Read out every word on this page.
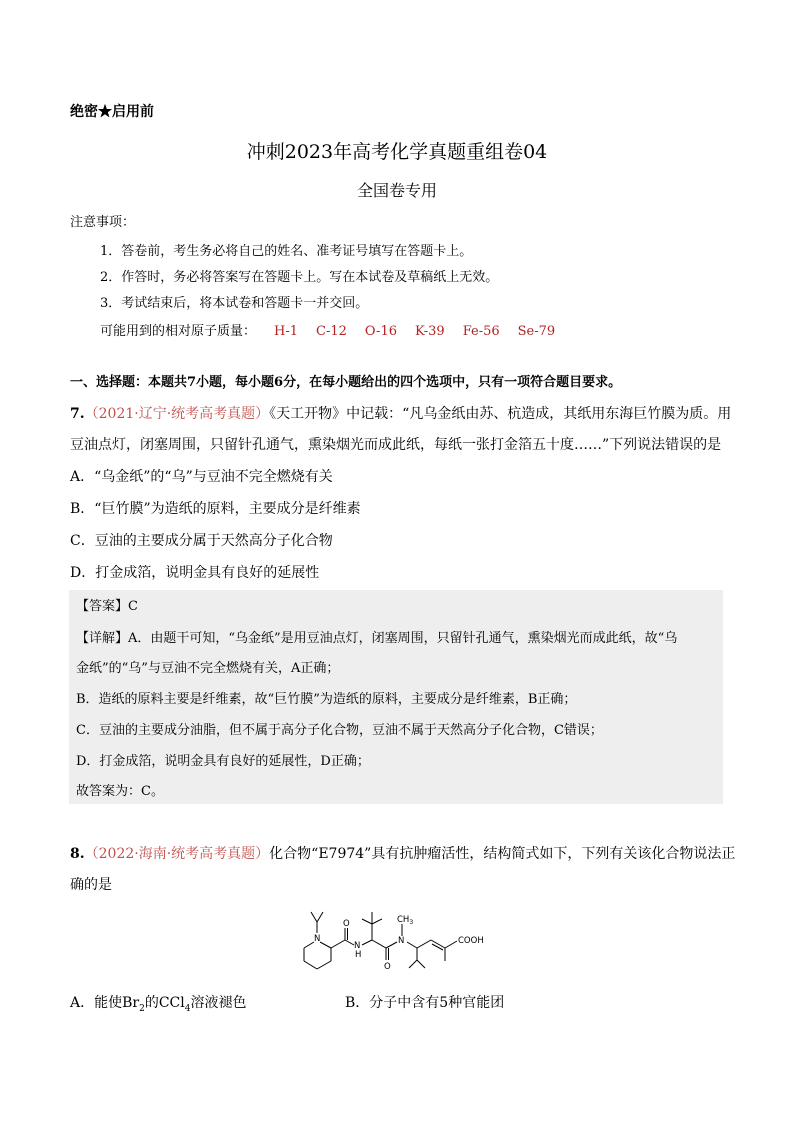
绝密★启用前
冲刺2023年高考化学真题重组卷04
全国卷专用
注意事项：
1．答卷前，考生务必将自己的姓名、准考证号填写在答题卡上。
2．作答时，务必将答案写在答题卡上。写在本试卷及草稿纸上无效。
3．考试结束后，将本试卷和答题卡一并交回。
可能用到的相对原子质量： H-1 C-12 O-16 K-39 Fe-56 Se-79
一、选择题：本题共7小题，每小题6分，在每小题给出的四个选项中，只有一项符合题目要求。
7.（2021·辽宁·统考高考真题）《天工开物》中记载：“凡乌金纸由苏、杭造成，其纸用东海巨竹膜为质。用
豆油点灯，闭塞周围，只留针孔通气，熏染烟光而成此纸，每纸一张打金箔五十度……”下列说法错误的是
A．“乌金纸”的“乌”与豆油不完全燃烧有关
B．“巨竹膜”为造纸的原料，主要成分是纤维素
C．豆油的主要成分属于天然高分子化合物
D．打金成箔，说明金具有良好的延展性
【答案】C
【详解】A．由题干可知，“乌金纸”是用豆油点灯，闭塞周围，只留针孔通气，熏染烟光而成此纸，故“乌
金纸”的“乌”与豆油不完全燃烧有关，A正确；
B．造纸的原料主要是纤维素，故“巨竹膜”为造纸的原料，主要成分是纤维素，B正确；
C．豆油的主要成分油脂，但不属于高分子化合物，豆油不属于天然高分子化合物，C错误；
D．打金成箔，说明金具有良好的延展性，D正确；
故答案为：C。
8.（2022·海南·统考高考真题）化合物“E7974”具有抗肿瘤活性，结构简式如下，下列有关该化合物说法正
确的是
N
N
H
O
O
N
$CH_3$
COOH
A．能使$Br_2$的CCl$_4$溶液褪色	B．分子中含有5种官能团
